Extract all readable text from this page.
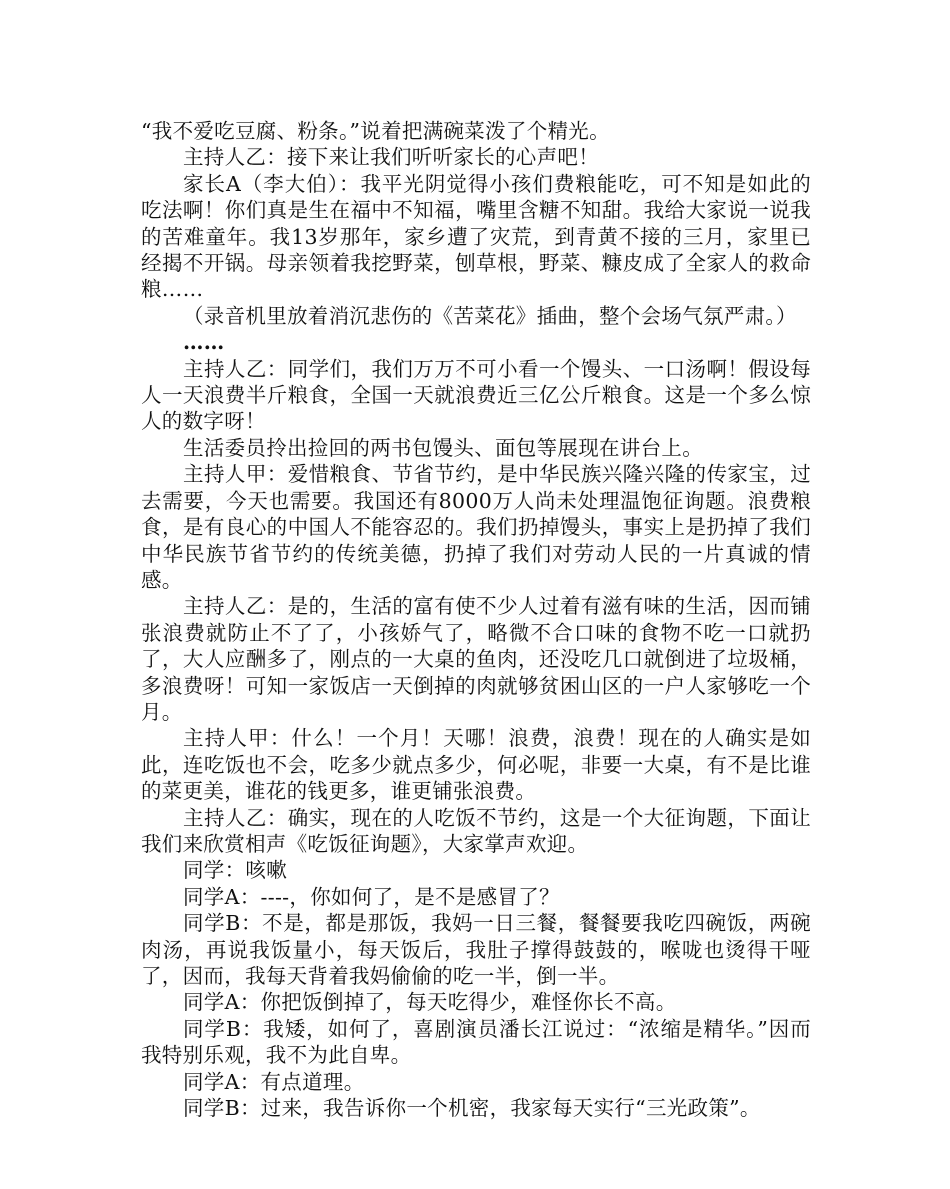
“我不爱吃豆腐、粉条。”说着把满碗菜泼了个精光。

主持人乙：接下来让我们听听家长的心声吧！

家长A（李大伯）：我平光阴觉得小孩们费粮能吃，可不知是如此的吃法啊！你们真是生在福中不知福，嘴里含糖不知甜。我给大家说一说我的苦难童年。我13岁那年，家乡遭了灾荒，到青黄不接的三月，家里已经揭不开锅。母亲领着我挖野菜，刨草根，野菜、糠皮成了全家人的救命粮……

（录音机里放着消沉悲伤的《苦菜花》插曲，整个会场气氛严肃。）

……

主持人乙：同学们，我们万万不可小看一个馒头、一口汤啊！假设每人一天浪费半斤粮食，全国一天就浪费近三亿公斤粮食。这是一个多么惊人的数字呀！

生活委员拎出捡回的两书包馒头、面包等展现在讲台上。

主持人甲：爱惜粮食、节省节约，是中华民族兴隆兴隆的传家宝，过去需要，今天也需要。我国还有8000万人尚未处理温饱征询题。浪费粮食，是有良心的中国人不能容忍的。我们扔掉馒头，事实上是扔掉了我们中华民族节省节约的传统美德，扔掉了我们对劳动人民的一片真诚的情感。

主持人乙：是的，生活的富有使不少人过着有滋有味的生活，因而铺张浪费就防止不了了，小孩娇气了，略微不合口味的食物不吃一口就扔了，大人应酬多了，刚点的一大桌的鱼肉，还没吃几口就倒进了垃圾桶，多浪费呀！可知一家饭店一天倒掉的肉就够贫困山区的一户人家够吃一个月。

主持人甲：什么！一个月！天哪！浪费，浪费！现在的人确实是如此，连吃饭也不会，吃多少就点多少，何必呢，非要一大桌，有不是比谁的菜更美，谁花的钱更多，谁更铺张浪费。

主持人乙：确实，现在的人吃饭不节约，这是一个大征询题，下面让我们来欣赏相声《吃饭征询题》，大家掌声欢迎。

同学：咳嗽

同学A：----，你如何了，是不是感冒了？

同学B：不是，都是那饭，我妈一日三餐，餐餐要我吃四碗饭，两碗肉汤，再说我饭量小，每天饭后，我肚子撑得鼓鼓的，喉咙也烫得干哑了，因而，我每天背着我妈偷偷的吃一半，倒一半。

同学A：你把饭倒掉了，每天吃得少，难怪你长不高。

同学B：我矮，如何了，喜剧演员潘长江说过：“浓缩是精华。”因而我特别乐观，我不为此自卑。

同学A：有点道理。

同学B：过来，我告诉你一个机密，我家每天实行“三光政策”。
